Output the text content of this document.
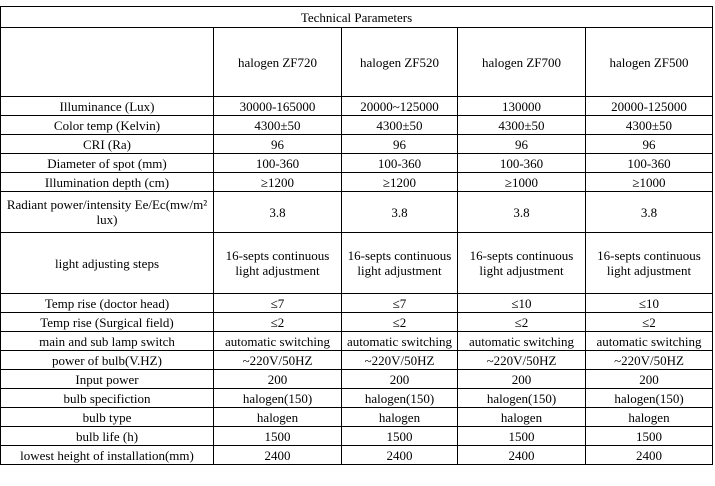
Technical Parameters				
	halogen ZF720	halogen ZF520	halogen ZF700	halogen ZF500
Illuminance (Lux)	30000-165000	20000~125000	130000	20000-125000
Color temp (Kelvin)	4300±50	4300±50	4300±50	4300±50
CRI (Ra)	96	96	96	96
Diameter of spot (mm)	100-360	100-360	100-360	100-360
Illumination depth (cm)	≥1200	≥1200	≥1000	≥1000
Radiant power/intensity Ee/Ec(mw/m² lux)	3.8	3.8	3.8	3.8
light adjusting steps	16-septs continuous light adjustment	16-septs continuous light adjustment	16-septs continuous light adjustment	16-septs continuous light adjustment
Temp rise (doctor head)	≤7	≤7	≤10	≤10
Temp rise (Surgical field)	≤2	≤2	≤2	≤2
main and sub lamp switch	automatic switching	automatic switching	automatic switching	automatic switching
power of bulb(V.HZ)	~220V/50HZ	~220V/50HZ	~220V/50HZ	~220V/50HZ
Input power	200	200	200	200
bulb specifiction	halogen(150)	halogen(150)	halogen(150)	halogen(150)
bulb type	halogen	halogen	halogen	halogen
bulb life (h)	1500	1500	1500	1500
lowest height of installation(mm)	2400	2400	2400	2400
